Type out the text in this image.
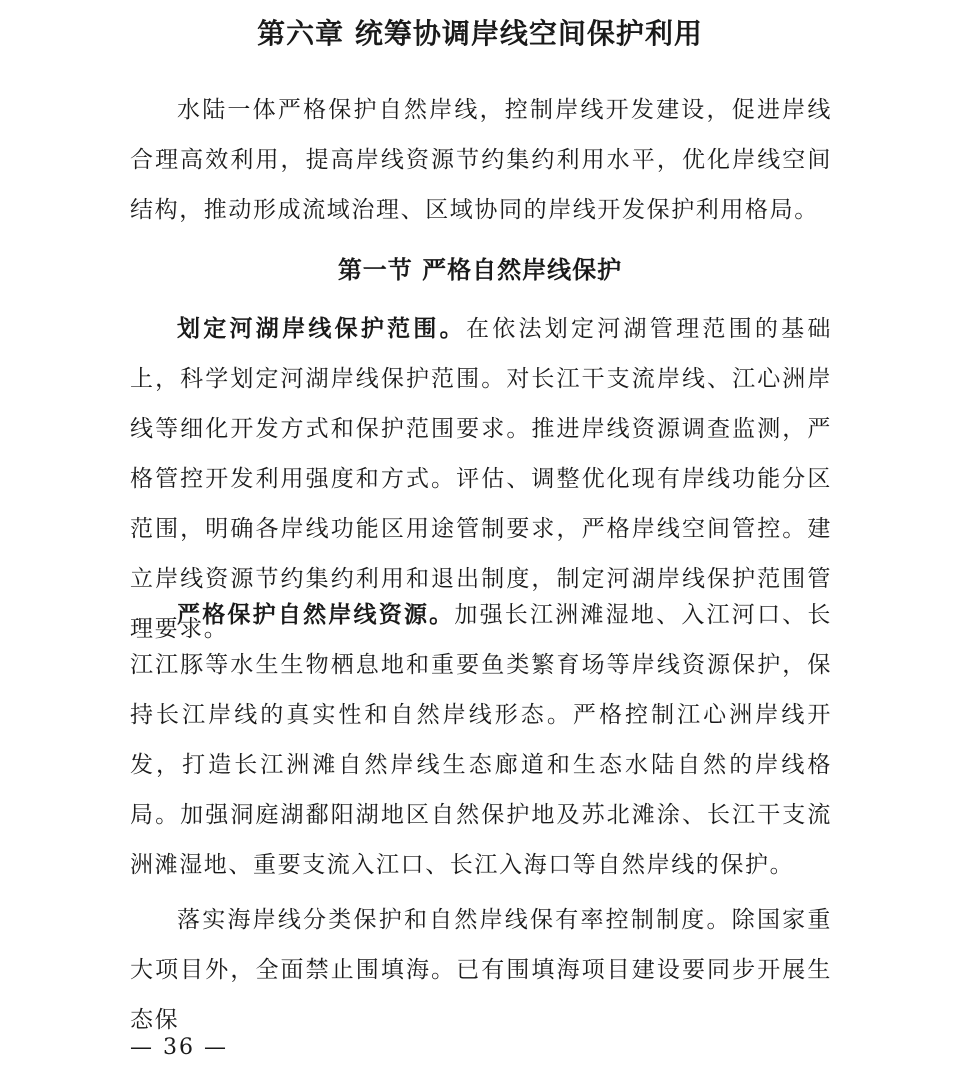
第六章 统筹协调岸线空间保护利用

水陆一体严格保护自然岸线，控制岸线开发建设，促进岸线合理高效利用，提高岸线资源节约集约利用水平，优化岸线空间结构，推动形成流域治理、区域协同的岸线开发保护利用格局。

第一节 严格自然岸线保护

划定河湖岸线保护范围。在依法划定河湖管理范围的基础上，科学划定河湖岸线保护范围。对长江干支流岸线、江心洲岸线等细化开发方式和保护范围要求。推进岸线资源调查监测，严格管控开发利用强度和方式。评估、调整优化现有岸线功能分区范围，明确各岸线功能区用途管制要求，严格岸线空间管控。建立岸线资源节约集约利用和退出制度，制定河湖岸线保护范围管理要求。

严格保护自然岸线资源。加强长江洲滩湿地、入江河口、长江江豚等水生生物栖息地和重要鱼类繁育场等岸线资源保护，保持长江岸线的真实性和自然岸线形态。严格控制江心洲岸线开发，打造长江洲滩自然岸线生态廊道和生态水陆自然的岸线格局。加强洞庭湖鄱阳湖地区自然保护地及苏北滩涂、长江干支流洲滩湿地、重要支流入江口、长江入海口等自然岸线的保护。

落实海岸线分类保护和自然岸线保有率控制制度。除国家重大项目外，全面禁止围填海。已有围填海项目建设要同步开展生态保

— 36 —
